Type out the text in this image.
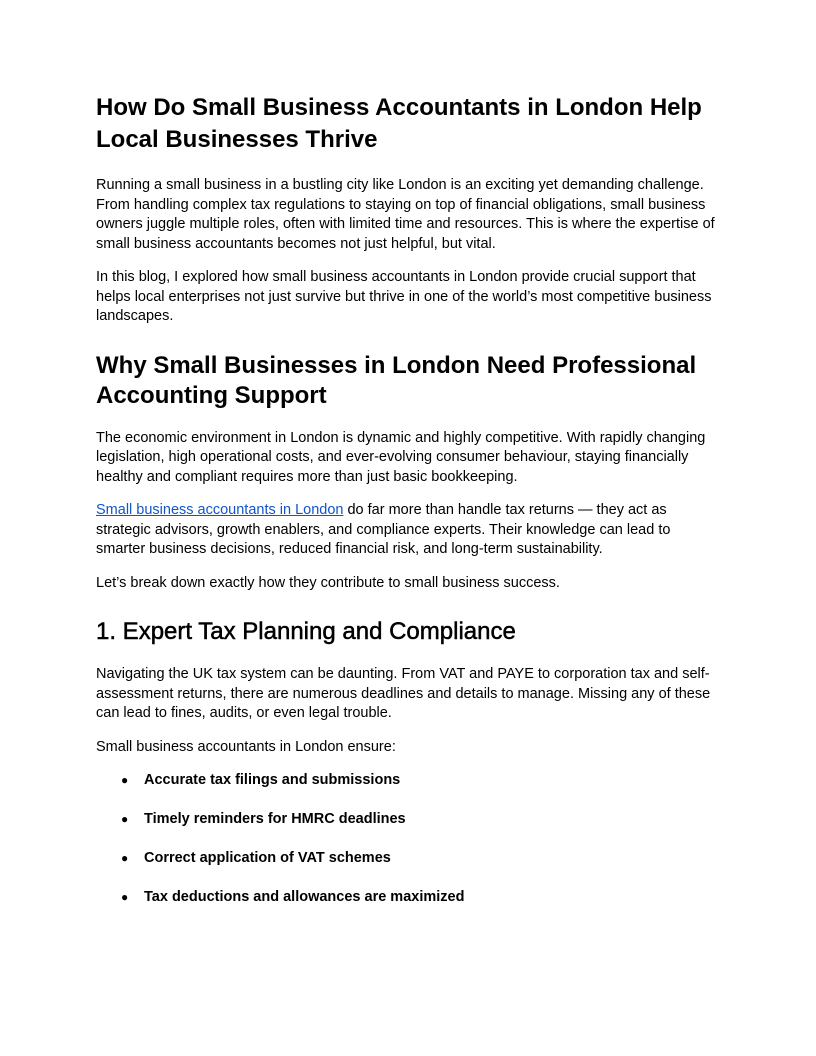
How Do Small Business Accountants in London Help Local Businesses Thrive

Running a small business in a bustling city like London is an exciting yet demanding challenge. From handling complex tax regulations to staying on top of financial obligations, small business owners juggle multiple roles, often with limited time and resources. This is where the expertise of small business accountants becomes not just helpful, but vital.

In this blog, I explored how small business accountants in London provide crucial support that helps local enterprises not just survive but thrive in one of the world’s most competitive business landscapes.

Why Small Businesses in London Need Professional Accounting Support

The economic environment in London is dynamic and highly competitive. With rapidly changing legislation, high operational costs, and ever-evolving consumer behaviour, staying financially healthy and compliant requires more than just basic bookkeeping.

Small business accountants in London do far more than handle tax returns — they act as strategic advisors, growth enablers, and compliance experts. Their knowledge can lead to smarter business decisions, reduced financial risk, and long-term sustainability.

Let’s break down exactly how they contribute to small business success.

1. Expert Tax Planning and Compliance

Navigating the UK tax system can be daunting. From VAT and PAYE to corporation tax and self-assessment returns, there are numerous deadlines and details to manage. Missing any of these can lead to fines, audits, or even legal trouble.

Small business accountants in London ensure:

● Accurate tax filings and submissions
● Timely reminders for HMRC deadlines
● Correct application of VAT schemes
● Tax deductions and allowances are maximized
